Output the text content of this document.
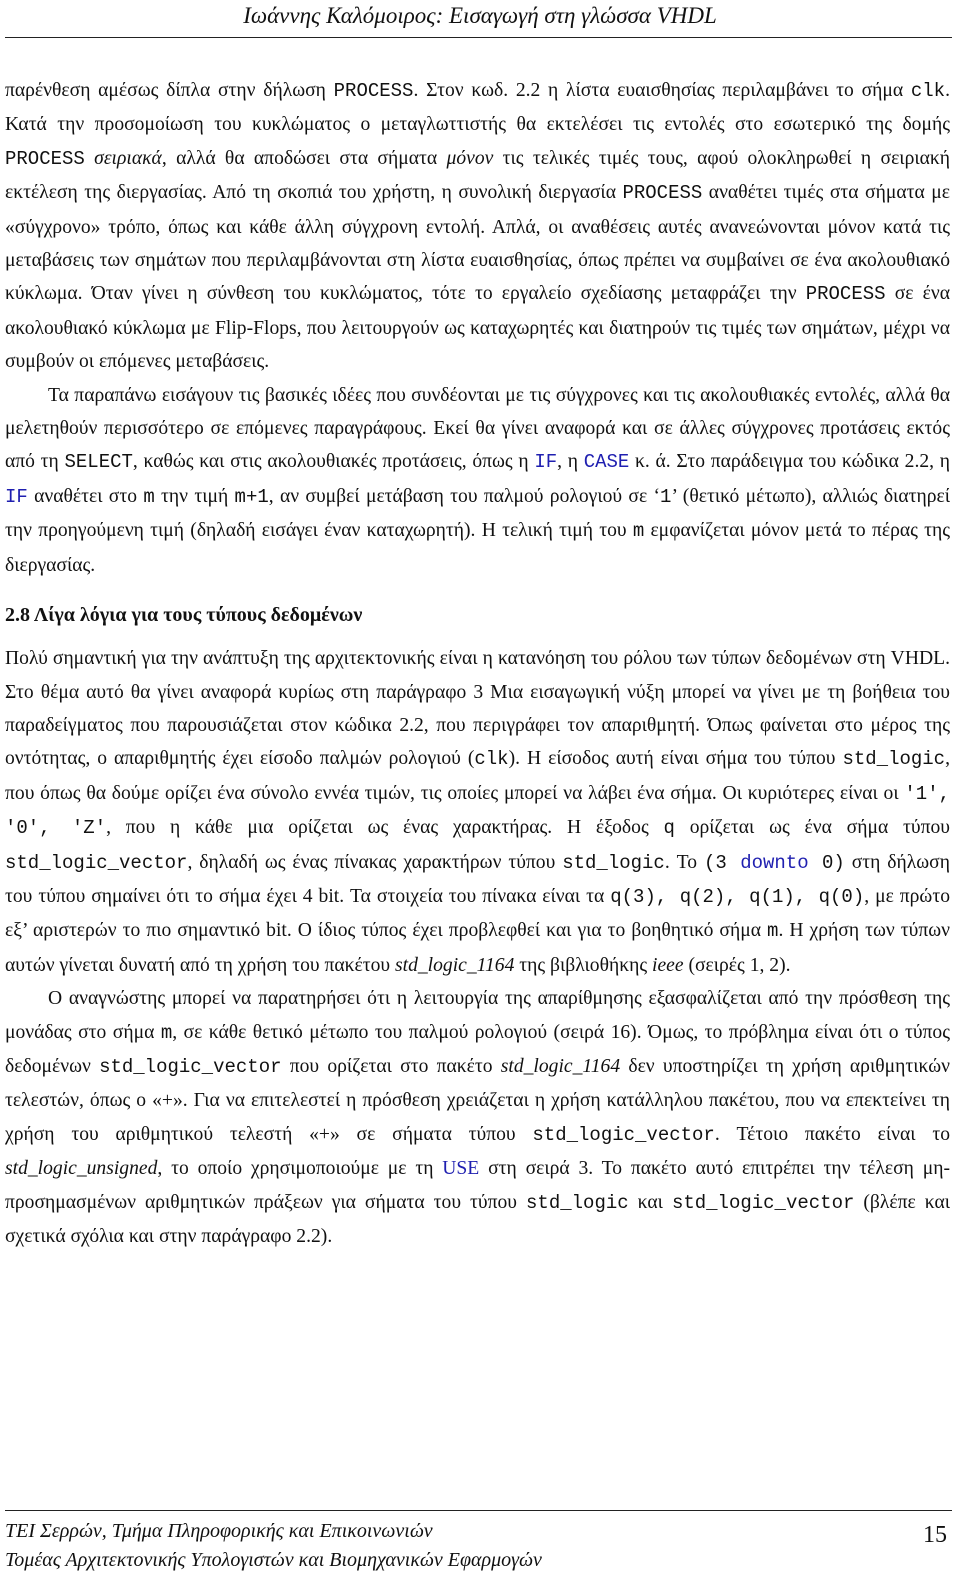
Ιωάννης Καλόμοιρος: Εισαγωγή στη γλώσσα VHDL

παρένθεση αμέσως δίπλα στην δήλωση PROCESS. Στον κωδ. 2.2 η λίστα ευαισθησίας περιλαμβάνει το σήμα clk. Κατά την προσομοίωση του κυκλώματος ο μεταγλωττιστής θα εκτελέσει τις εντολές στο εσωτερικό της δομής PROCESS σειριακά, αλλά θα αποδώσει στα σήματα μόνον τις τελικές τιμές τους, αφού ολοκληρωθεί η σειριακή εκτέλεση της διεργασίας. Από τη σκοπιά του χρήστη, η συνολική διεργασία PROCESS αναθέτει τιμές στα σήματα με «σύγχρονο» τρόπο, όπως και κάθε άλλη σύγχρονη εντολή. Απλά, οι αναθέσεις αυτές ανανεώνονται μόνον κατά τις μεταβάσεις των σημάτων που περιλαμβάνονται στη λίστα ευαισθησίας, όπως πρέπει να συμβαίνει σε ένα ακολουθιακό κύκλωμα. Όταν γίνει η σύνθεση του κυκλώματος, τότε το εργαλείο σχεδίασης μεταφράζει την PROCESS σε ένα ακολουθιακό κύκλωμα με Flip-Flops, που λειτουργούν ως καταχωρητές και διατηρούν τις τιμές των σημάτων, μέχρι να συμβούν οι επόμενες μεταβάσεις.

Τα παραπάνω εισάγουν τις βασικές ιδέες που συνδέονται με τις σύγχρονες και τις ακολουθιακές εντολές, αλλά θα μελετηθούν περισσότερο σε επόμενες παραγράφους. Εκεί θα γίνει αναφορά και σε άλλες σύγχρονες προτάσεις εκτός από τη SELECT, καθώς και στις ακολουθιακές προτάσεις, όπως η IF, η CASE κ. ά. Στο παράδειγμα του κώδικα 2.2, η IF αναθέτει στο m την τιμή m+1, αν συμβεί μετάβαση του παλμού ρολογιού σε ‘1’ (θετικό μέτωπο), αλλιώς διατηρεί την προηγούμενη τιμή (δηλαδή εισάγει έναν καταχωρητή). Η τελική τιμή του m εμφανίζεται μόνον μετά το πέρας της διεργασίας.

2.8 Λίγα λόγια για τους τύπους δεδομένων

Πολύ σημαντική για την ανάπτυξη της αρχιτεκτονικής είναι η κατανόηση του ρόλου των τύπων δεδομένων στη VHDL. Στο θέμα αυτό θα γίνει αναφορά κυρίως στη παράγραφο 3 Μια εισαγωγική νύξη μπορεί να γίνει με τη βοήθεια του παραδείγματος που παρουσιάζεται στον κώδικα 2.2, που περιγράφει τον απαριθμητή. Όπως φαίνεται στο μέρος της οντότητας, ο απαριθμητής έχει είσοδο παλμών ρολογιού (clk). Η είσοδος αυτή είναι σήμα του τύπου std_logic, που όπως θα δούμε ορίζει ένα σύνολο εννέα τιμών, τις οποίες μπορεί να λάβει ένα σήμα. Οι κυριότερες είναι οι '1', '0', 'Z', που η κάθε μια ορίζεται ως ένας χαρακτήρας. Η έξοδος q ορίζεται ως ένα σήμα τύπου std_logic_vector, δηλαδή ως ένας πίνακας χαρακτήρων τύπου std_logic. Το (3 downto 0) στη δήλωση του τύπου σημαίνει ότι το σήμα έχει 4 bit. Τα στοιχεία του πίνακα είναι τα q(3), q(2), q(1), q(0), με πρώτο εξ’ αριστερών το πιο σημαντικό bit. Ο ίδιος τύπος έχει προβλεφθεί και για το βοηθητικό σήμα m. Η χρήση των τύπων αυτών γίνεται δυνατή από τη χρήση του πακέτου std_logic_1164 της βιβλιοθήκης ieee (σειρές 1, 2).

Ο αναγνώστης μπορεί να παρατηρήσει ότι η λειτουργία της απαρίθμησης εξασφαλίζεται από την πρόσθεση της μονάδας στο σήμα m, σε κάθε θετικό μέτωπο του παλμού ρολογιού (σειρά 16). Όμως, το πρόβλημα είναι ότι ο τύπος δεδομένων std_logic_vector που ορίζεται στο πακέτο std_logic_1164 δεν υποστηρίζει τη χρήση αριθμητικών τελεστών, όπως ο «+». Για να επιτελεστεί η πρόσθεση χρειάζεται η χρήση κατάλληλου πακέτου, που να επεκτείνει τη χρήση του αριθμητικού τελεστή «+» σε σήματα τύπου std_logic_vector. Τέτοιο πακέτο είναι το std_logic_unsigned, το οποίο χρησιμοποιούμε με τη USE στη σειρά 3. Το πακέτο αυτό επιτρέπει την τέλεση μη-προσημασμένων αριθμητικών πράξεων για σήματα του τύπου std_logic και std_logic_vector (βλέπε και σχετικά σχόλια και στην παράγραφο 2.2).

ΤΕΙ Σερρών, Τμήμα Πληροφορικής και Επικοινωνιών
Τομέας Αρχιτεκτονικής Υπολογιστών και Βιομηχανικών Εφαρμογών
15
